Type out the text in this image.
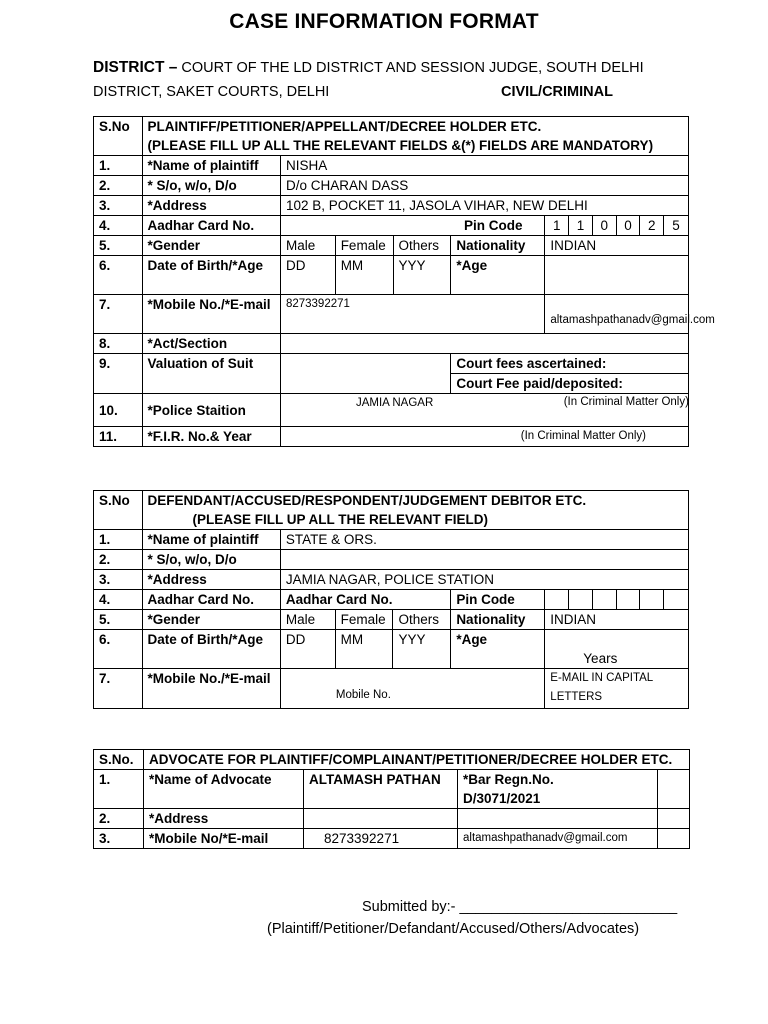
CASE INFORMATION FORMAT
DISTRICT – COURT OF THE LD DISTRICT AND SESSION JUDGE, SOUTH DELHI
DISTRICT, SAKET COURTS, DELHI	CIVIL/CRIMINAL
S.No	PLAINTIFF/PETITIONER/APPELLANT/DECREE HOLDER ETC.
(PLEASE FILL UP ALL THE RELEVANT FIELDS &(*) FIELDS ARE MANDATORY)										

1.	*Name of plaintiff	NISHA									
2.	* S/o, w/o, D/o	D/o CHARAN DASS									
3.	*Address	102 B, POCKET 11, JASOLA VIHAR, NEW DELHI									
4.	Aadhar Card No.	Pin Code				1	1	0	0	2	5
5.	*Gender	Male	Female	Others	Nationality	INDIAN					
6.	Date of Birth/*Age	DD	MM	YYY	*Age						
7.	*Mobile No./*E-mail	8273392271				altamashpathanadv@gmail.com					
8.	*Act/Section										
9.	Valuation of Suit				Court fees ascertained:						
					Court Fee paid/deposited:						
10.	*Police Staition	JAMIA NAGAR (In Criminal Matter Only)									

11.	*F.I.R. No.& Year	(In Criminal Matter Only)									
S.No	DEFENDANT/ACCUSED/RESPONDENT/JUDGEMENT DEBITOR ETC.
(PLEASE FILL UP ALL THE RELEVANT FIELD)										

1.	*Name of plaintiff	STATE & ORS.									
2.	* S/o, w/o, D/o										
3.	*Address	JAMIA NAGAR, POLICE STATION									
4.	Aadhar Card No.	Aadhar Card No.			Pin Code						
5.	*Gender	Male	Female	Others	Nationality	INDIAN					
6.	Date of Birth/*Age	DD	MM	YYY	*Age	Years					
7.	*Mobile No./*E-mail	Mobile No.				E-MAIL IN CAPITAL LETTERS					
S.No.	ADVOCATE FOR PLAINTIFF/COMPLAINANT/PETITIONER/DECREE HOLDER ETC.			
1.	*Name of Advocate	ALTAMASH PATHAN	*Bar Regn.No.
D/3071/2021	

2.	*Address			
3.	*Mobile No/*E-mail	8273392271	altamashpathanadv@gmail.com	
Submitted by:- ___________________________
(Plaintiff/Petitioner/Defandant/Accused/Others/Advocates)
